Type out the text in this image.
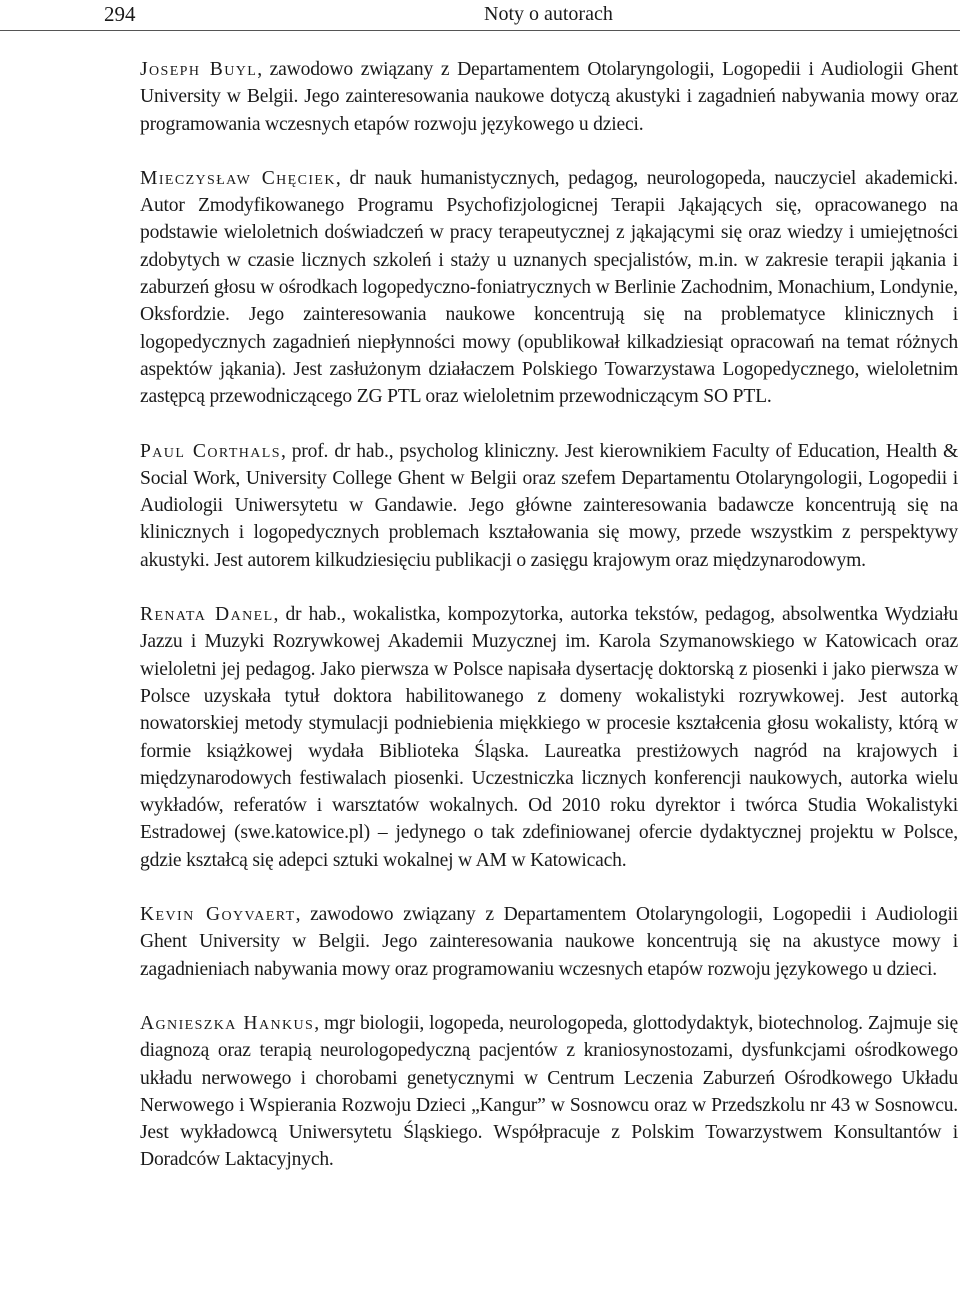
294	Noty o autorach

Joseph Buyl, zawodowo związany z Departamentem Otolaryngologii, Logopedii i Audiologii Ghent University w Belgii. Jego zainteresowania naukowe dotyczą akustyki i zagadnień nabywania mowy oraz programowania wczesnych etapów rozwoju językowego u dzieci.

Mieczysław Chęciek, dr nauk humanistycznych, pedagog, neurologopeda, nauczyciel akademicki. Autor Zmodyfikowanego Programu Psychofizjologicnej Terapii Jąkających się, opracowanego na podstawie wieloletnich doświadczeń w pracy terapeutycznej z jąkającymi się oraz wiedzy i umiejętności zdobytych w czasie licznych szkoleń i staży u uznanych specjalistów, m.in. w zakresie terapii jąkania i zaburzeń głosu w ośrodkach logopedyczno-foniatrycznych w Berlinie Zachodnim, Monachium, Londynie, Oksfordzie. Jego zainteresowania naukowe koncentrują się na problematyce klinicznych i logopedycznych zagadnień niepłynności mowy (opublikował kilkadziesiąt opracowań na temat różnych aspektów jąkania). Jest zasłużonym działaczem Polskiego Towarzystawa Logopedycznego, wieloletnim zastępcą przewodniczącego ZG PTL oraz wieloletnim przewodniczącym SO PTL.

Paul Corthals, prof. dr hab., psycholog kliniczny. Jest kierownikiem Faculty of Education, Health & Social Work, University College Ghent w Belgii oraz szefem Departamentu Otolaryngologii, Logopedii i Audiologii Uniwersytetu w Gandawie. Jego główne zainteresowania badawcze koncentrują się na klinicznych i logopedycznych problemach kształowania się mowy, przede wszystkim z perspektywy akustyki. Jest autorem kilkudziesięciu publikacji o zasięgu krajowym oraz międzynarodowym.

Renata Danel, dr hab., wokalistka, kompozytorka, autorka tekstów, pedagog, absolwentka Wydziału Jazzu i Muzyki Rozrywkowej Akademii Muzycznej im. Karola Szymanowskiego w Katowicach oraz wieloletni jej pedagog. Jako pierwsza w Polsce napisała dysertację doktorską z piosenki i jako pierwsza w Polsce uzyskała tytuł doktora habilitowanego z domeny wokalistyki rozrywkowej. Jest autorką nowatorskiej metody stymulacji podniebienia miękkiego w procesie kształcenia głosu wokalisty, którą w formie książkowej wydała Biblioteka Śląska. Laureatka prestiżowych nagród na krajowych i międzynarodowych festiwalach piosenki. Uczestniczka licznych konferencji naukowych, autorka wielu wykładów, referatów i warsztatów wokalnych. Od 2010 roku dyrektor i twórca Studia Wokalistyki Estradowej (swe.katowice.pl) – jedynego o tak zdefiniowanej ofercie dydaktycznej projektu w Polsce, gdzie kształcą się adepci sztuki wokalnej w AM w Katowicach.

Kevin Goyvaert, zawodowo związany z Departamentem Otolaryngologii, Logopedii i Audiologii Ghent University w Belgii. Jego zainteresowania naukowe koncentrują się na akustyce mowy i zagadnieniach nabywania mowy oraz programowaniu wczesnych etapów rozwoju językowego u dzieci.

Agnieszka Hankus, mgr biologii, logopeda, neurologopeda, glottodydaktyk, biotechnolog. Zajmuje się diagnozą oraz terapią neurologopedyczną pacjentów z kraniosynostozami, dysfunkcjami ośrodkowego układu nerwowego i chorobami genetycznymi w Centrum Leczenia Zaburzeń Ośrodkowego Układu Nerwowego i Wspierania Rozwoju Dzieci „Kangur” w Sosnowcu oraz w Przedszkolu nr 43 w Sosnowcu. Jest wykładowcą Uniwersytetu Śląskiego. Współpracuje z Polskim Towarzystwem Konsultantów i Doradców Laktacyjnych.
